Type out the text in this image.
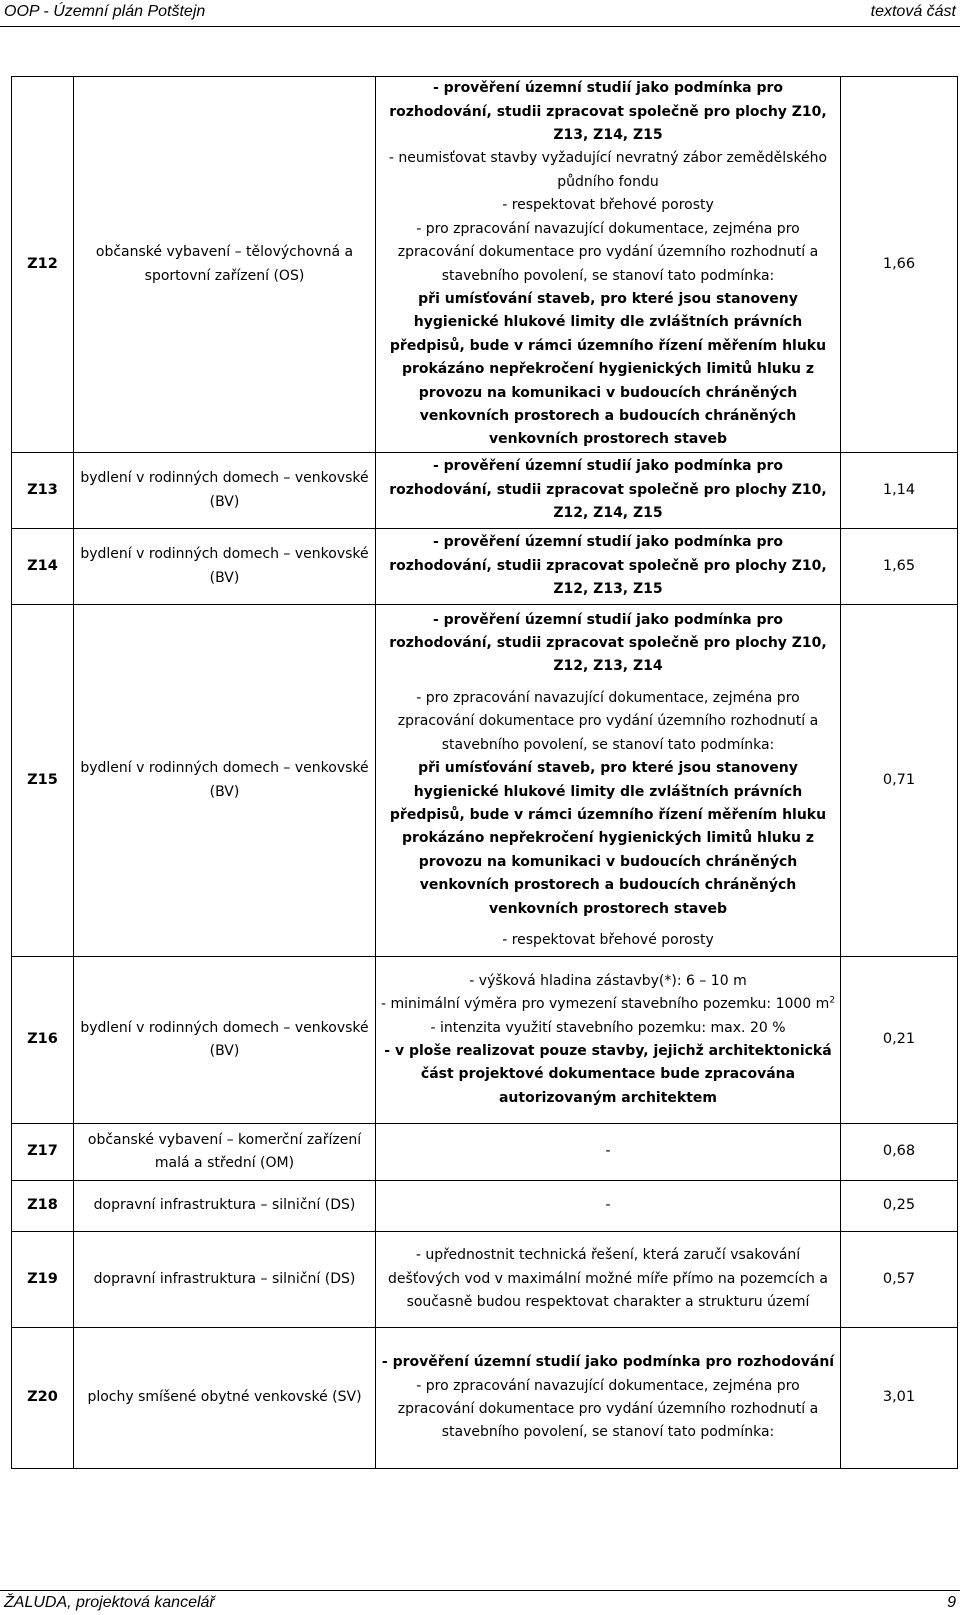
OOP - Územní plán Potštejn	textová část
Z12	občanské vybavení – tělovýchovná a sportovní zařízení (OS)	- prověření územní studií jako podmínka pro rozhodování, studii zpracovat společně pro plochy Z10, Z13, Z14, Z15
- neumisťovat stavby vyžadující nevratný zábor zemědělského půdního fondu
- respektovat břehové porosty
- pro zpracování navazující dokumentace, zejména pro zpracování dokumentace pro vydání územního rozhodnutí a stavebního povolení, se stanoví tato podmínka:
při umísťování staveb, pro které jsou stanoveny hygienické hlukové limity dle zvláštních právních předpisů, bude v rámci územního řízení měřením hluku prokázáno nepřekročení hygienických limitů hluku z provozu na komunikaci v budoucích chráněných venkovních prostorech a budoucích chráněných venkovních prostorech staveb	1,66
Z13	bydlení v rodinných domech – venkovské (BV)	- prověření územní studií jako podmínka pro rozhodování, studii zpracovat společně pro plochy Z10, Z12, Z14, Z15	1,14
Z14	bydlení v rodinných domech – venkovské (BV)	- prověření územní studií jako podmínka pro rozhodování, studii zpracovat společně pro plochy Z10, Z12, Z13, Z15	1,65
Z15	bydlení v rodinných domech – venkovské (BV)	- prověření územní studií jako podmínka pro rozhodování, studii zpracovat společně pro plochy Z10, Z12, Z13, Z14
- pro zpracování navazující dokumentace, zejména pro zpracování dokumentace pro vydání územního rozhodnutí a stavebního povolení, se stanoví tato podmínka:
při umísťování staveb, pro které jsou stanoveny hygienické hlukové limity dle zvláštních právních předpisů, bude v rámci územního řízení měřením hluku prokázáno nepřekročení hygienických limitů hluku z provozu na komunikaci v budoucích chráněných venkovních prostorech a budoucích chráněných venkovních prostorech staveb
- respektovat břehové porosty	0,71
Z16	bydlení v rodinných domech – venkovské (BV)	- výšková hladina zástavby(*): 6 – 10 m
- minimální výměra pro vymezení stavebního pozemku: 1000 $m^2$
- intenzita využití stavebního pozemku: max. 20 %
- v ploše realizovat pouze stavby, jejichž architektonická část projektové dokumentace bude zpracována autorizovaným architektem	0,21
Z17	občanské vybavení – komerční zařízení malá a střední (OM)	-	0,68
Z18	dopravní infrastruktura – silniční (DS)	-	0,25
Z19	dopravní infrastruktura – silniční (DS)	- upřednostnit technická řešení, která zaručí vsakování dešťových vod v maximální možné míře přímo na pozemcích a současně budou respektovat charakter a strukturu území	0,57
Z20	plochy smíšené obytné venkovské (SV)	- prověření územní studií jako podmínka pro rozhodování
- pro zpracování navazující dokumentace, zejména pro zpracování dokumentace pro vydání územního rozhodnutí a stavebního povolení, se stanoví tato podmínka:	3,01
ŽALUDA, projektová kancelář	9
